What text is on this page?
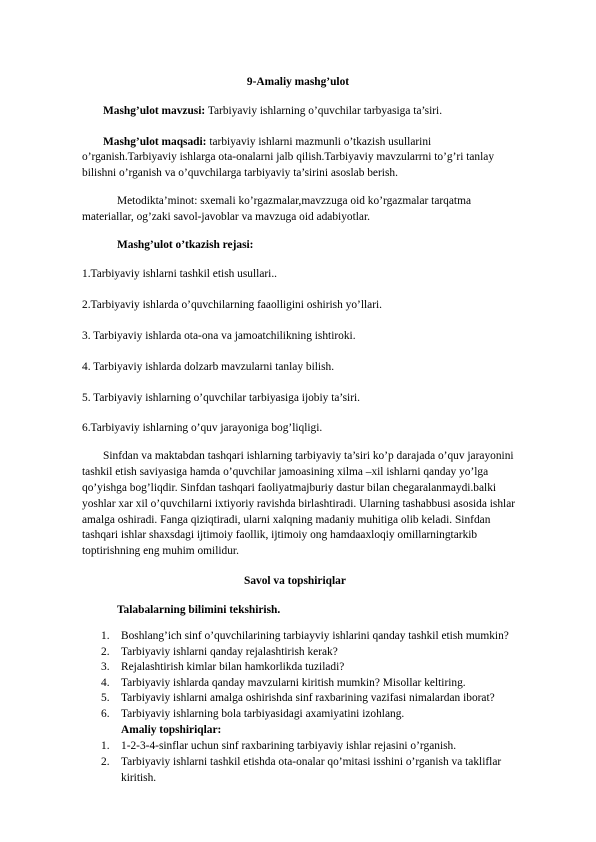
9-Amaliy mashg’ulot
Mashg’ulot mavzusi: Tarbiyaviy ishlarning o’quvchilar tarbyasiga ta’siri.
Mashg’ulot maqsadi: tarbiyaviy ishlarni mazmunli o’tkazish usullarini
o’rganish.Tarbiyaviy ishlarga ota-onalarni jalb qilish.Tarbiyaviy mavzularrni to’g’ri tanlay
bilishni o’rganish va o’quvchilarga tarbiyaviy ta’sirini asoslab berish.
Metodikta’minot: sxemali ko’rgazmalar,mavzzuga oid ko’rgazmalar tarqatma
materiallar, og’zaki savol-javoblar va mavzuga oid adabiyotlar.
Mashg’ulot o’tkazish rejasi:
1.Tarbiyaviy ishlarni tashkil etish usullari..
2.Tarbiyaviy ishlarda o’quvchilarning faaolligini oshirish yo’llari.
3. Tarbiyaviy ishlarda ota-ona va jamoatchilikning ishtiroki.
4. Tarbiyaviy ishlarda dolzarb mavzularni tanlay bilish.
5. Tarbiyaviy ishlarning o’quvchilar tarbiyasiga ijobiy ta’siri.
6.Tarbiyaviy ishlarning o’quv jarayoniga bog’liqligi.
Sinfdan va maktabdan tashqari ishlarning tarbiyaviy ta’siri ko’p darajada o’quv jarayonini
tashkil etish saviyasiga hamda o’quvchilar jamoasining xilma –xil ishlarni qanday yo’lga
qo’yishga bog’liqdir. Sinfdan tashqari faoliyatmajburiy dastur bilan chegaralanmaydi.balki
yoshlar xar xil o’quvchilarni ixtiyoriy ravishda birlashtiradi. Ularning tashabbusi asosida ishlar
amalga oshiradi. Fanga qiziqtiradi, ularni xalqning madaniy muhitiga olib keladi. Sinfdan
tashqari ishlar shaxsdagi ijtimoiy faollik, ijtimoiy ong hamdaaxloqiy omillarningtarkib
toptirishning eng muhim omilidur.
Savol va topshiriqlar
Talabalarning bilimini tekshirish.
1. Boshlang’ich sinf o’quvchilarining tarbiayviy ishlarini qanday tashkil etish mumkin?
2. Tarbiyaviy ishlarni qanday rejalashtirish kerak?
3. Rejalashtirish kimlar bilan hamkorlikda tuziladi?
4. Tarbiyaviy ishlarda qanday mavzularni kiritish mumkin? Misollar keltiring.
5. Tarbiyaviy ishlarni amalga oshirishda sinf raxbarining vazifasi nimalardan iborat?
6. Tarbiyaviy ishlarning bola tarbiyasidagi axamiyatini izohlang.
Amaliy topshiriqlar:
1. 1-2-3-4-sinflar uchun sinf raxbarining tarbiyaviy ishlar rejasini o’rganish.
2. Tarbiyaviy ishlarni tashkil etishda ota-onalar qo’mitasi isshini o’rganish va takliflar
kiritish.
